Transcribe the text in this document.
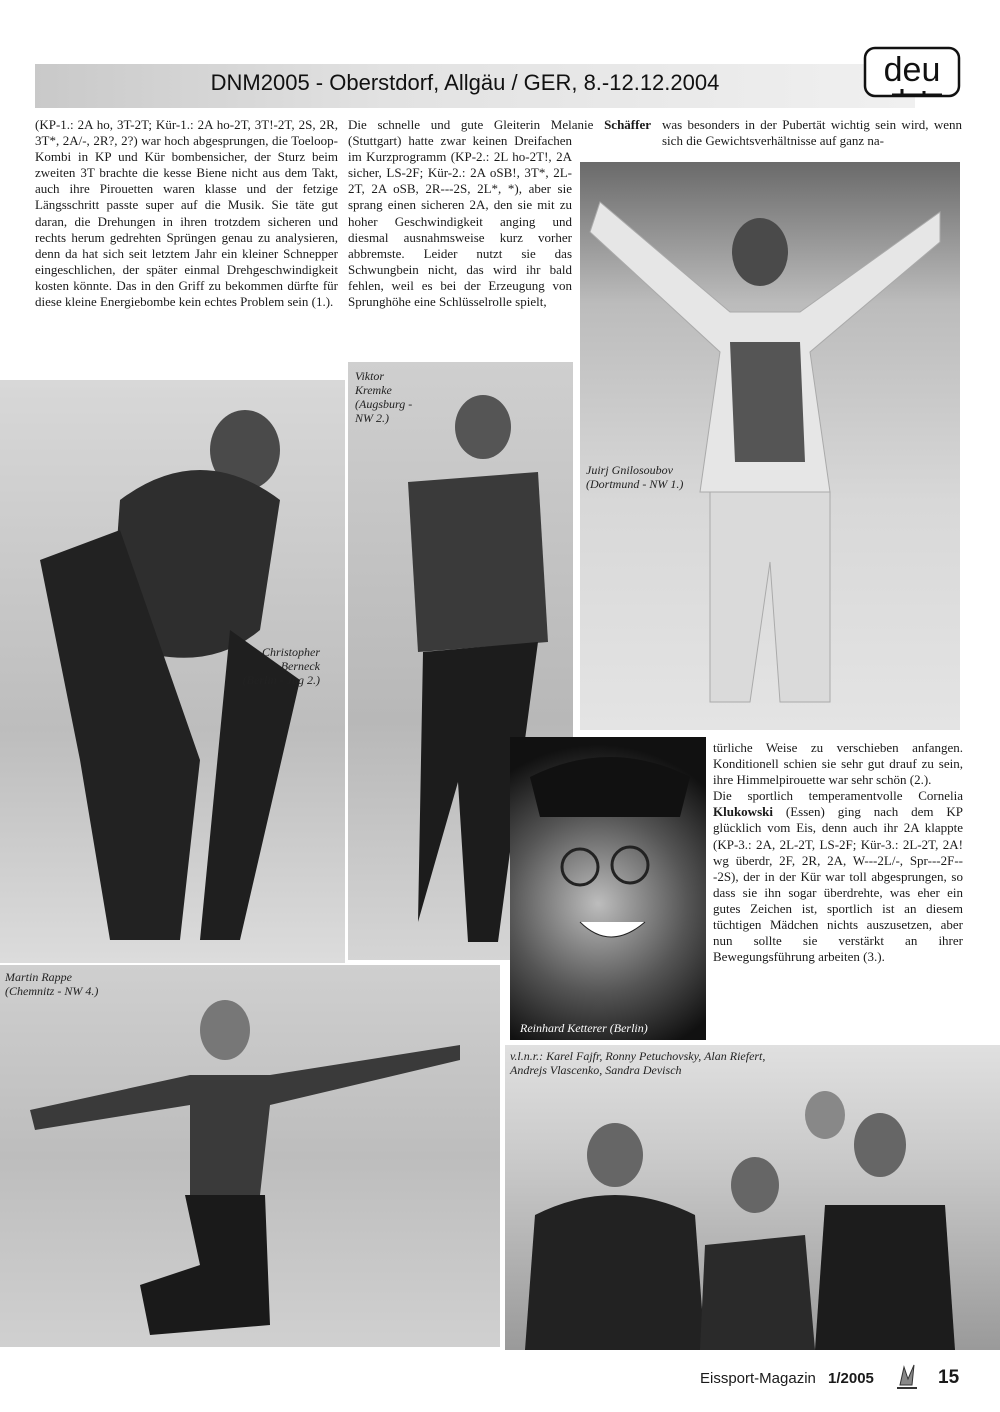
DNM2005 - Oberstdorf, Allgäu / GER, 8.-12.12.2004	deu
(KP-1.: 2A ho, 3T-2T; Kür-1.: 2A ho-2T, 3T!-2T, 2S, 2R, 3T*, 2A/-, 2R?, 2?) war hoch abgesprungen, die Toeloop-Kombi in KP und Kür bombensicher, der Sturz beim zweiten 3T brachte die kesse Biene nicht aus dem Takt, auch ihre Pirouetten waren klasse und der fetzige Längsschritt passte super auf die Musik. Sie täte gut daran, die Drehungen in ihren trotzdem sicheren und rechts herum gedrehten Sprüngen genau zu analysieren, denn da hat sich seit letztem Jahr ein kleiner Schnepper eingeschlichen, der später einmal Drehgeschwindigkeit kosten könnte. Das in den Griff zu bekommen dürfte für diese kleine Energiebombe kein echtes Problem sein (1.).
Die schnelle und gute Gleiterin Melanie Schäffer (Stuttgart) hatte zwar keinen Dreifachen im Kurzprogramm (KP-2.: 2L ho-2T!, 2A sicher, LS-2F; Kür-2.: 2A oSB!, 3T*, 2L-2T, 2A oSB, 2R---2S, 2L*, *), aber sie sprang einen sicheren 2A, den sie mit zu hoher Geschwindigkeit anging und diesmal ausnahmsweise kurz vorher abbremste. Leider nutzt sie das Schwungbein nicht, das wird ihr bald fehlen, weil es bei der Erzeugung von Sprunghöhe eine Schlüsselrolle spielt,
was besonders in der Pubertät wichtig sein wird, wenn sich die Gewichtsverhältnisse auf ganz na-
Christopher
Berneck
(Berlin - Jug 2.)
Viktor
Kremke
(Augsburg -
NW 2.)
Juirj Gnilosoubov
(Dortmund - NW 1.)
Reinhard Ketterer (Berlin)

türliche Weise zu verschieben anfangen. Konditionell schien sie sehr gut drauf zu sein, ihre Himmelpirouette war sehr schön (2.).

Die sportlich temperamentvolle Cornelia Klukowski (Essen) ging nach dem KP glücklich vom Eis, denn auch ihr 2A klappte (KP-3.: 2A, 2L-2T, LS-2F; Kür-3.: 2L-2T, 2A! wg überdr, 2F, 2R, 2A, W---2L/-, Spr---2F---2S), der in der Kür war toll abgesprungen, so dass sie ihn sogar überdrehte, was eher ein gutes Zeichen ist, sportlich ist an diesem tüchtigen Mädchen nichts auszusetzen, aber nun sollte sie verstärkt an ihrer Bewegungsführung arbeiten (3.).

Martin Rappe
(Chemnitz - NW 4.)
v.l.n.r.: Karel Fajfr, Ronny Petuchovsky, Alan Riefert,
Andrejs Vlascenko, Sandra Devisch
Eissport-Magazin 1/2005	15
